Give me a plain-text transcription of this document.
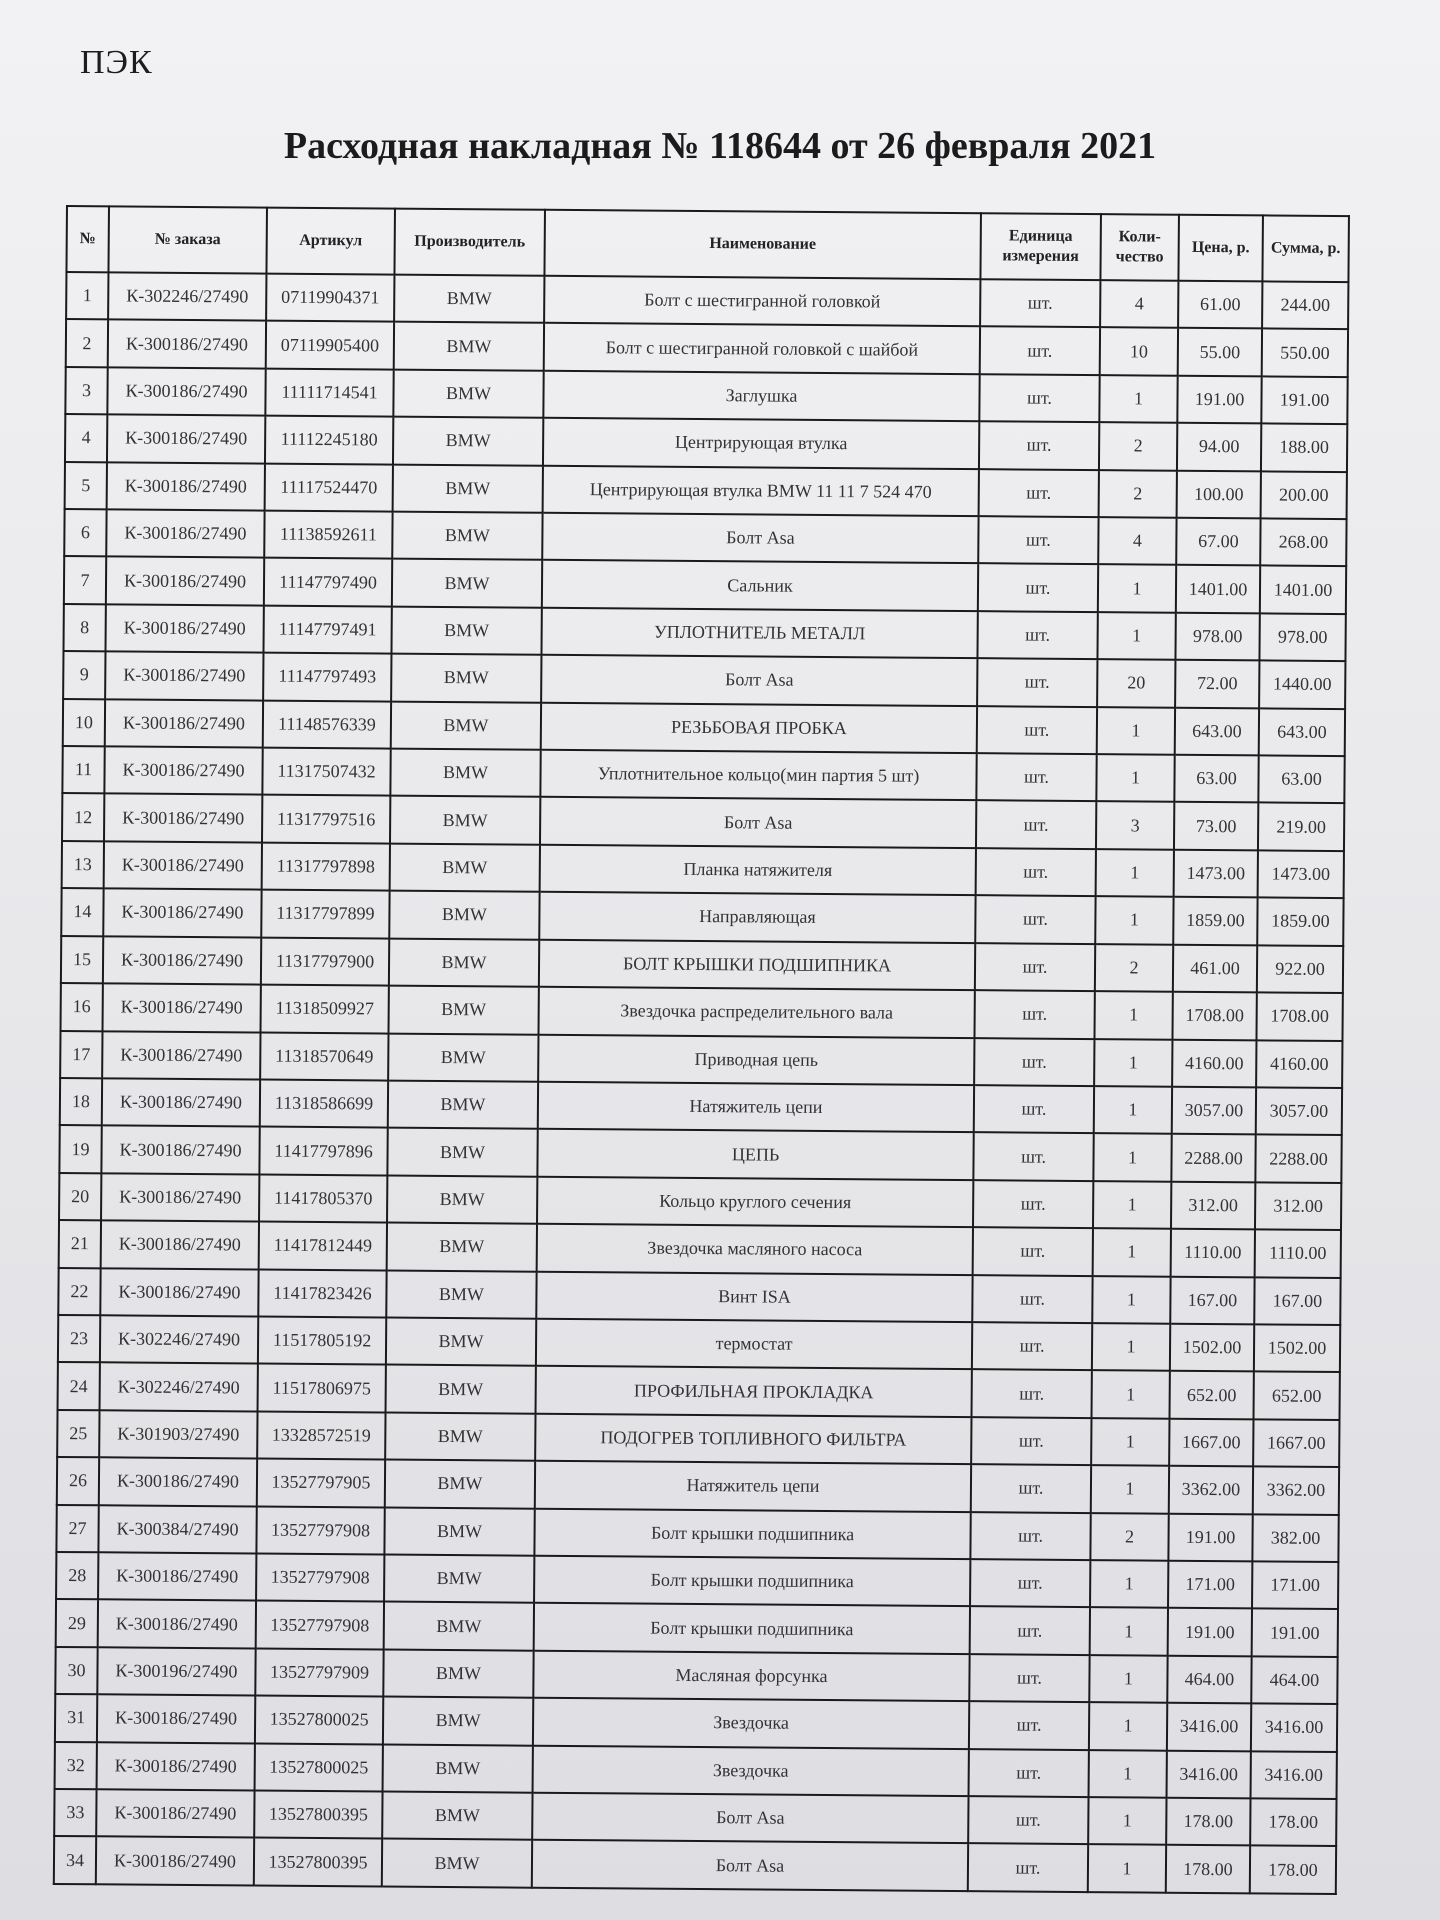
ПЭК
Расходная накладная № 118644 от 26 февраля 2021
№	№ заказа	Артикул	Производитель	Наименование	Единица измерения	Коли-чество	Цена, р.	Сумма, р.
1	К-302246/27490	07119904371	BMW	Болт с шестигранной головкой	шт.	4	61.00	244.00
2	К-300186/27490	07119905400	BMW	Болт с шестигранной головкой с шайбой	шт.	10	55.00	550.00
3	К-300186/27490	11111714541	BMW	Заглушка	шт.	1	191.00	191.00
4	К-300186/27490	11112245180	BMW	Центрирующая втулка	шт.	2	94.00	188.00
5	К-300186/27490	11117524470	BMW	Центрирующая втулка BMW 11 11 7 524 470	шт.	2	100.00	200.00
6	К-300186/27490	11138592611	BMW	Болт Asa	шт.	4	67.00	268.00
7	К-300186/27490	11147797490	BMW	Сальник	шт.	1	1401.00	1401.00
8	К-300186/27490	11147797491	BMW	УПЛОТНИТЕЛЬ МЕТАЛЛ	шт.	1	978.00	978.00
9	К-300186/27490	11147797493	BMW	Болт Asa	шт.	20	72.00	1440.00
10	К-300186/27490	11148576339	BMW	РЕЗЬБОВАЯ ПРОБКА	шт.	1	643.00	643.00
11	К-300186/27490	11317507432	BMW	Уплотнительное кольцо(мин партия 5 шт)	шт.	1	63.00	63.00
12	К-300186/27490	11317797516	BMW	Болт Asa	шт.	3	73.00	219.00
13	К-300186/27490	11317797898	BMW	Планка натяжителя	шт.	1	1473.00	1473.00
14	К-300186/27490	11317797899	BMW	Направляющая	шт.	1	1859.00	1859.00
15	К-300186/27490	11317797900	BMW	БОЛТ КРЫШКИ ПОДШИПНИКА	шт.	2	461.00	922.00
16	К-300186/27490	11318509927	BMW	Звездочка распределительного вала	шт.	1	1708.00	1708.00
17	К-300186/27490	11318570649	BMW	Приводная цепь	шт.	1	4160.00	4160.00
18	К-300186/27490	11318586699	BMW	Натяжитель цепи	шт.	1	3057.00	3057.00
19	К-300186/27490	11417797896	BMW	ЦЕПЬ	шт.	1	2288.00	2288.00
20	К-300186/27490	11417805370	BMW	Кольцо круглого сечения	шт.	1	312.00	312.00
21	К-300186/27490	11417812449	BMW	Звездочка масляного насоса	шт.	1	1110.00	1110.00
22	К-300186/27490	11417823426	BMW	Винт ISA	шт.	1	167.00	167.00
23	К-302246/27490	11517805192	BMW	термостат	шт.	1	1502.00	1502.00
24	К-302246/27490	11517806975	BMW	ПРОФИЛЬНАЯ ПРОКЛАДКА	шт.	1	652.00	652.00
25	К-301903/27490	13328572519	BMW	ПОДОГРЕВ ТОПЛИВНОГО ФИЛЬТРА	шт.	1	1667.00	1667.00
26	К-300186/27490	13527797905	BMW	Натяжитель цепи	шт.	1	3362.00	3362.00
27	К-300384/27490	13527797908	BMW	Болт крышки подшипника	шт.	2	191.00	382.00
28	К-300186/27490	13527797908	BMW	Болт крышки подшипника	шт.	1	171.00	171.00
29	К-300186/27490	13527797908	BMW	Болт крышки подшипника	шт.	1	191.00	191.00
30	К-300196/27490	13527797909	BMW	Масляная форсунка	шт.	1	464.00	464.00
31	К-300186/27490	13527800025	BMW	Звездочка	шт.	1	3416.00	3416.00
32	К-300186/27490	13527800025	BMW	Звездочка	шт.	1	3416.00	3416.00
33	К-300186/27490	13527800395	BMW	Болт Asa	шт.	1	178.00	178.00
34	К-300186/27490	13527800395	BMW	Болт Asa	шт.	1	178.00	178.00
